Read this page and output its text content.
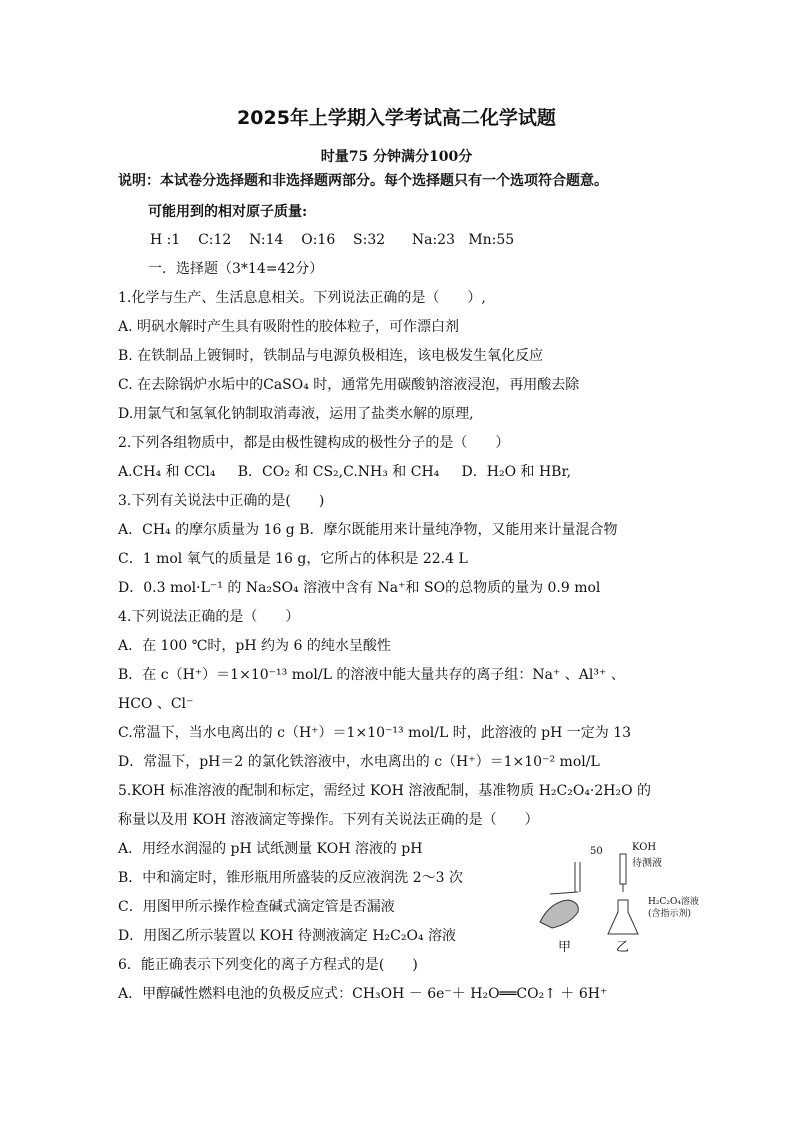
2025年上学期入学考试高二化学试题
时量75 分钟满分100分
说明：本试卷分选择题和非选择题两部分。每个选择题只有一个选项符合题意。
可能用到的相对原子质量:
H :1    C:12    N:14    O:16    S:32      Na:23   Mn:55
一．选择题（3*14=42分）
1.化学与生产、生活息息相关。下列说法正确的是（　　）,
A. 明矾水解时产生具有吸附性的胶体粒子，可作漂白剂
B. 在铁制品上镀铜时，铁制品与电源负极相连，该电极发生氧化反应
C. 在去除锅炉水垢中的CaSO₄ 时，通常先用碳酸钠溶液浸泡，再用酸去除
D.用氯气和氢氧化钠制取消毒液，运用了盐类水解的原理,
2.下列各组物质中，都是由极性键构成的极性分子的是（　　）
A.CH₄ 和 CCl₄     B．CO₂ 和 CS₂,C.NH₃ 和 CH₄     D．H₂O 和 HBr,
3.下列有关说法中正确的是(　　)
A．CH₄ 的摩尔质量为 16 g B．摩尔既能用来计量纯净物，又能用来计量混合物
C．1 mol 氧气的质量是 16 g，它所占的体积是 22.4 L
D．0.3 mol·L⁻¹ 的 Na₂SO₄ 溶液中含有 Na⁺和 SO的总物质的量为 0.9 mol
4.下列说法正确的是（　　）
A．在 100 ℃时，pH 约为 6 的纯水呈酸性
B．在 c（H⁺）＝1×10⁻¹³ mol/L 的溶液中能大量共存的离子组：Na⁺ 、Al³⁺ 、
HCO 、Cl⁻
C.常温下，当水电离出的 c（H⁺）＝1×10⁻¹³ mol/L 时，此溶液的 pH 一定为 13
D．常温下，pH＝2 的氯化铁溶液中，水电离出的 c（H⁺）＝1×10⁻² mol/L
5.KOH 标准溶液的配制和标定，需经过 KOH 溶液配制，基准物质 H₂C₂O₄·2H₂O 的
称量以及用 KOH 溶液滴定等操作。下列有关说法正确的是（　　）
A．用经水润湿的 pH 试纸测量 KOH 溶液的 pH
B．中和滴定时，锥形瓶用所盛装的反应液润洗 2～3 次
C．用图甲所示操作检查碱式滴定管是否漏液
D．用图乙所示装置以 KOH 待测液滴定 H₂C₂O₄ 溶液
50	KOH
待测液
H₂C₂O₄溶液
(含指示剂)
甲	乙
6．能正确表示下列变化的离子方程式的是(　　)
A．甲醇碱性燃料电池的负极反应式：CH₃OH － 6e⁻＋ H₂O══CO₂↑ ＋ 6H⁺
